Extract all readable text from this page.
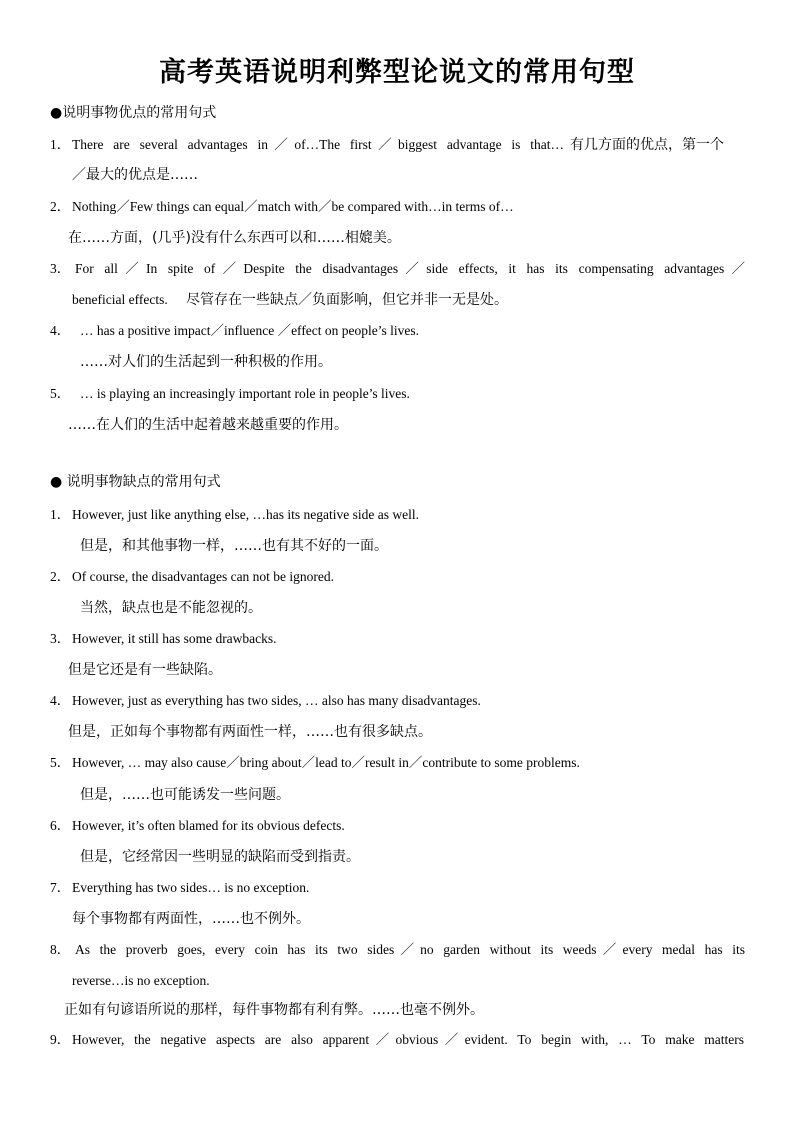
高考英语说明利弊型论说文的常用句型
●说明事物优点的常用句式
1． There are several advantages in／of…The first／biggest advantage is that… 有几方面的优点，第一个
／最大的优点是……
2． Nothing／Few things can equal／match with／be compared with…in terms of…
在……方面，(几乎)没有什么东西可以和……相媲美。
3． For all／In spite of／Despite the disadvantages／side effects, it has its compensating advantages／
beneficial effects. 尽管存在一些缺点／负面影响，但它并非一无是处。
4． … has a positive impact／influence ／effect on people’s lives.
……对人们的生活起到一种积极的作用。
5． … is playing an increasingly important role in people’s lives.
……在人们的生活中起着越来越重要的作用。
● 说明事物缺点的常用句式
1． However, just like anything else, …has its negative side as well.
但是，和其他事物一样，……也有其不好的一面。
2． Of course, the disadvantages can not be ignored.
当然，缺点也是不能忽视的。
3． However, it still has some drawbacks.
但是它还是有一些缺陷。
4． However, just as everything has two sides, … also has many disadvantages.
但是，正如每个事物都有两面性一样，……也有很多缺点。
5． However, … may also cause／bring about／lead to／result in／contribute to some problems.
但是，……也可能诱发一些问题。
6． However, it’s often blamed for its obvious defects.
但是，它经常因一些明显的缺陷而受到指责。
7． Everything has two sides… is no exception.
每个事物都有两面性，……也不例外。
8． As the proverb goes, every coin has its two sides／no garden without its weeds／every medal has its
reverse…is no exception.
正如有句谚语所说的那样，每件事物都有利有弊。……也毫不例外。
9． However, the negative aspects are also apparent／obvious／evident. To begin with, … To make matters
